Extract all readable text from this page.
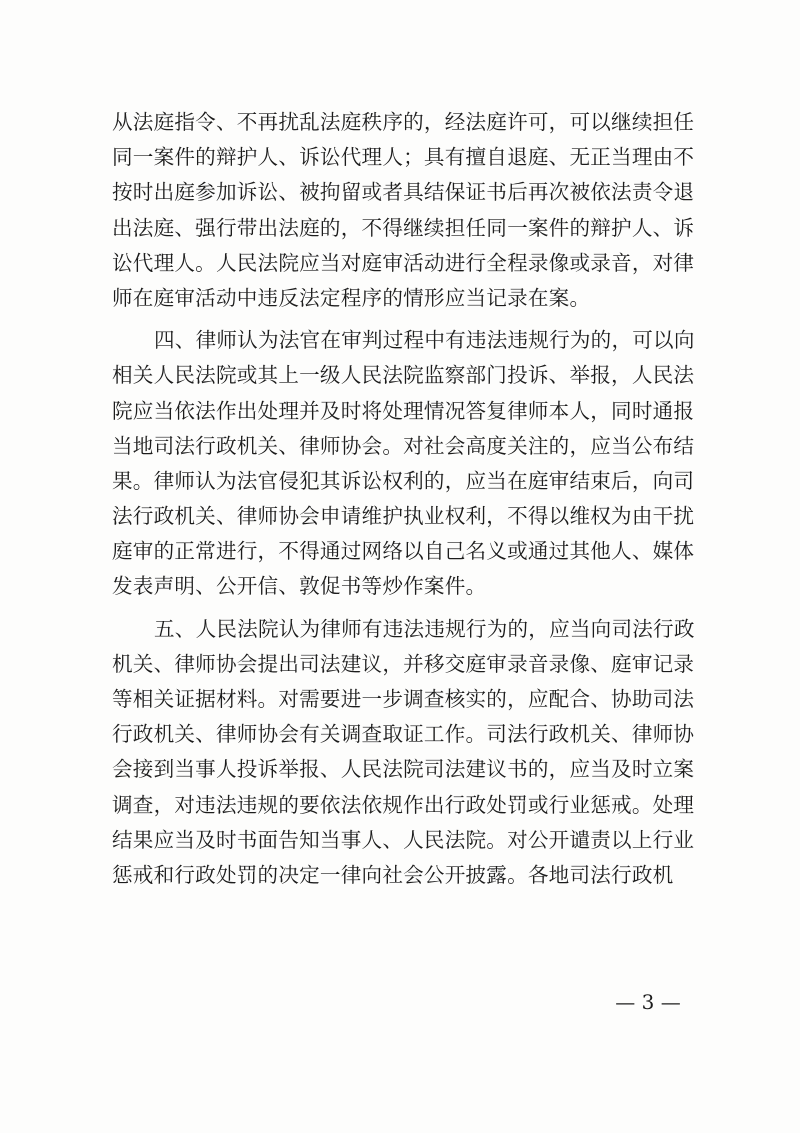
从法庭指令、不再扰乱法庭秩序的，经法庭许可，可以继续担任
同一案件的辩护人、诉讼代理人；具有擅自退庭、无正当理由不
按时出庭参加诉讼、被拘留或者具结保证书后再次被依法责令退
出法庭、强行带出法庭的，不得继续担任同一案件的辩护人、诉
讼代理人。人民法院应当对庭审活动进行全程录像或录音，对律
师在庭审活动中违反法定程序的情形应当记录在案。
四、律师认为法官在审判过程中有违法违规行为的，可以向
相关人民法院或其上一级人民法院监察部门投诉、举报，人民法
院应当依法作出处理并及时将处理情况答复律师本人，同时通报
当地司法行政机关、律师协会。对社会高度关注的，应当公布结
果。律师认为法官侵犯其诉讼权利的，应当在庭审结束后，向司
法行政机关、律师协会申请维护执业权利，不得以维权为由干扰
庭审的正常进行，不得通过网络以自己名义或通过其他人、媒体
发表声明、公开信、敦促书等炒作案件。
五、人民法院认为律师有违法违规行为的，应当向司法行政
机关、律师协会提出司法建议，并移交庭审录音录像、庭审记录
等相关证据材料。对需要进一步调查核实的，应配合、协助司法
行政机关、律师协会有关调查取证工作。司法行政机关、律师协
会接到当事人投诉举报、人民法院司法建议书的，应当及时立案
调查，对违法违规的要依法依规作出行政处罚或行业惩戒。处理
结果应当及时书面告知当事人、人民法院。对公开谴责以上行业
惩戒和行政处罚的决定一律向社会公开披露。各地司法行政机
— 3 —
